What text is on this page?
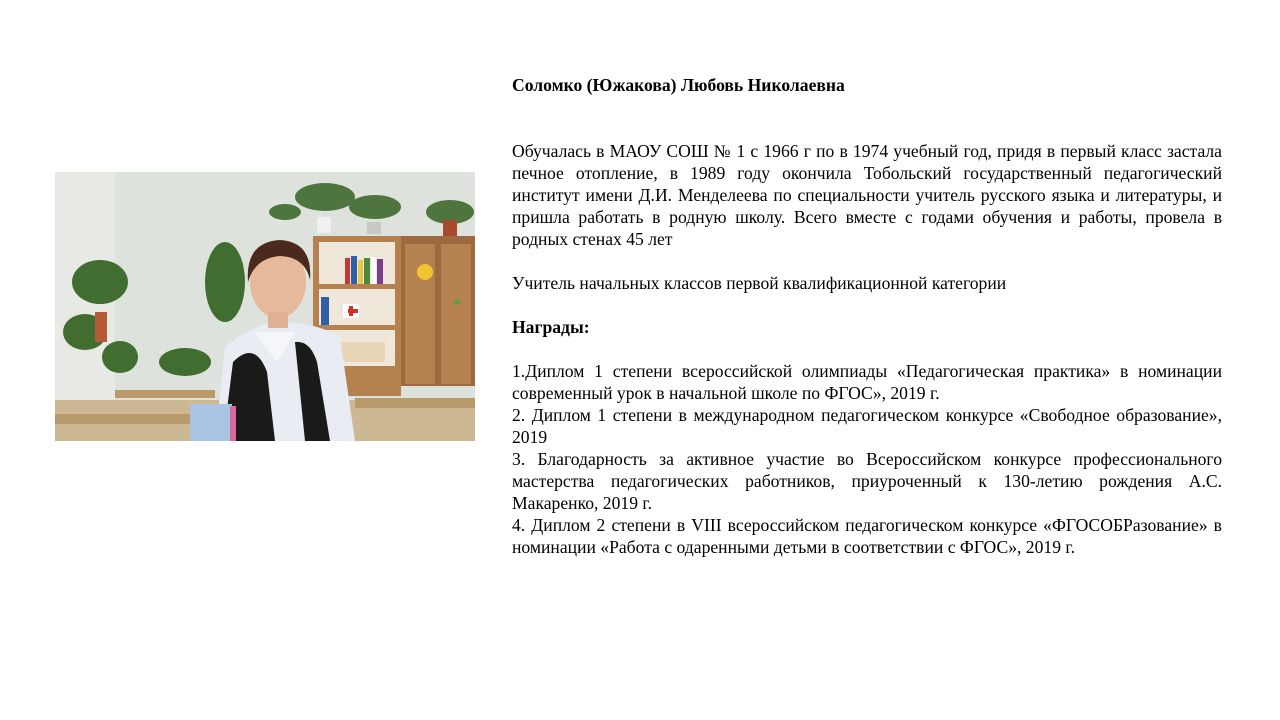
Соломко (Южакова) Любовь Николаевна

Обучалась в МАОУ СОШ № 1 с 1966 г по в 1974 учебный год, придя в первый класс застала печное отопление, в 1989 году окончила Тобольский государственный педагогический институт имени Д.И. Менделеева по специальности учитель русского языка и литературы, и пришла работать в родную школу. Всего вместе с годами обучения и работы, провела в родных стенах 45 лет

Учитель начальных классов первой квалификационной категории

Награды:

1.Диплом 1 степени всероссийской олимпиады «Педагогическая практика» в номинации современный урок в начальной школе по ФГОС», 2019 г.
2. Диплом 1 степени в международном педагогическом конкурсе «Свободное образование», 2019
3. Благодарность за активное участие во Всероссийском конкурсе профессионального мастерства педагогических работников, приуроченный к 130-летию рождения А.С. Макаренко, 2019 г.
4. Диплом 2 степени в VIII всероссийском педагогическом конкурсе «ФГОСОБРазование» в номинации «Работа с одаренными детьми в соответствии с ФГОС», 2019 г.
